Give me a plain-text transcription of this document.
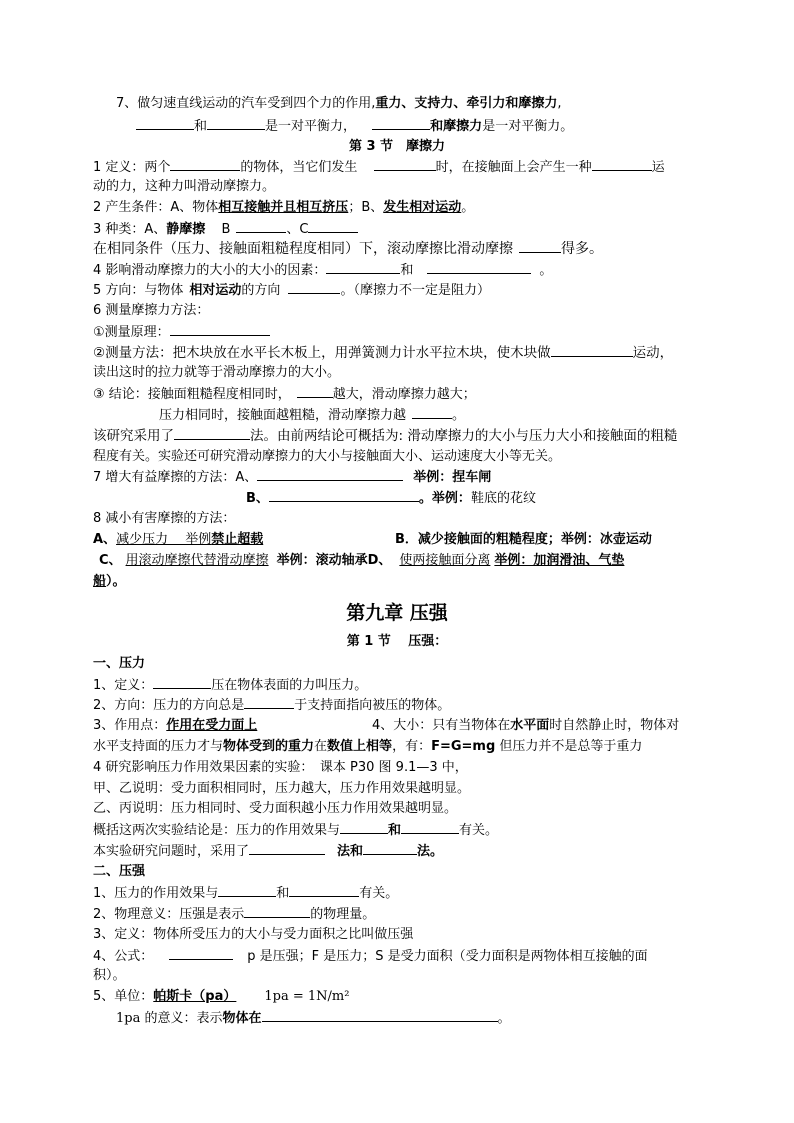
7、做匀速直线运动的汽车受到四个力的作用,重力、支持力、牵引力和摩擦力,
和	是一对平衡力，	和摩擦力是一对平衡力。
第 3 节　摩擦力
1 定义：两个	的物体，当它们发生	时，在接触面上会产生一种	运
动的力，这种力叫滑动摩擦力。
2 产生条件：A、物体相互接触并且相互挤压；B、发生相对运动。
3 种类：A、静摩擦 B	、C
在相同条件（压力、接触面粗糙程度相同）下，滚动摩擦比滑动摩擦	得多。
4 影响滑动摩擦力的大小的大小的因素：	和	。
5 方向：与物体 相对运动的方向	。（摩擦力不一定是阻力）
6 测量摩擦力方法：
①测量原理：
②测量方法：把木块放在水平长木板上，用弹簧测力计水平拉木块，使木块做	运动，
读出这时的拉力就等于滑动摩擦力的大小。
③ 结论：接触面粗糙程度相同时，	越大，滑动摩擦力越大；
压力相同时，接触面越粗糙，滑动摩擦力越	。
该研究采用了	法。由前两结论可概括为: 滑动摩擦力的大小与压力大小和接触面的粗糙
程度有关。实验还可研究滑动摩擦力的大小与接触面大小、运动速度大小等无关。
7 增大有益摩擦的方法：A、	举例：捏车闸
B、	。举例：鞋底的花纹
8 减小有害摩擦的方法：
A、减少压力　 举例禁止超载	B．减少接触面的粗糙程度；举例：冰壶运动
C、 用滚动摩擦代替滑动摩擦 举例：滚动轴承D、 使两接触面分离 举例：加润滑油、气垫
船）。
第九章 压强
第 1 节　 压强：
一、压力
1、定义：	压在物体表面的力叫压力。
2、方向：压力的方向总是	于支持面指向被压的物体。
3、作用点：作用在受力面上	4、大小：只有当物体在水平面时自然静止时，物体对
水平支持面的压力才与物体受到的重力在数值上相等，有：F=G=mg 但压力并不是总等于重力
4 研究影响压力作用效果因素的实验：　课本 P30 图 9.1—3 中，
甲、乙说明：受力面积相同时，压力越大，压力作用效果越明显。
乙、丙说明：压力相同时、受力面积越小压力作用效果越明显。
概括这两次实验结论是：压力的作用效果与	和	有关。
本实验研究问题时，采用了	法和	法。
二、压强
1、压力的作用效果与	和	有关。
2、物理意义：压强是表示	的物理量。
3、定义：物体所受压力的大小与受力面积之比叫做压强
4、公式：	p 是压强；F 是压力；S 是受力面积（受力面积是两物体相互接触的面
积）。
5、单位：帕斯卡（pa） 1pa = 1N/m²
1pa 的意义：表示物体在	。
